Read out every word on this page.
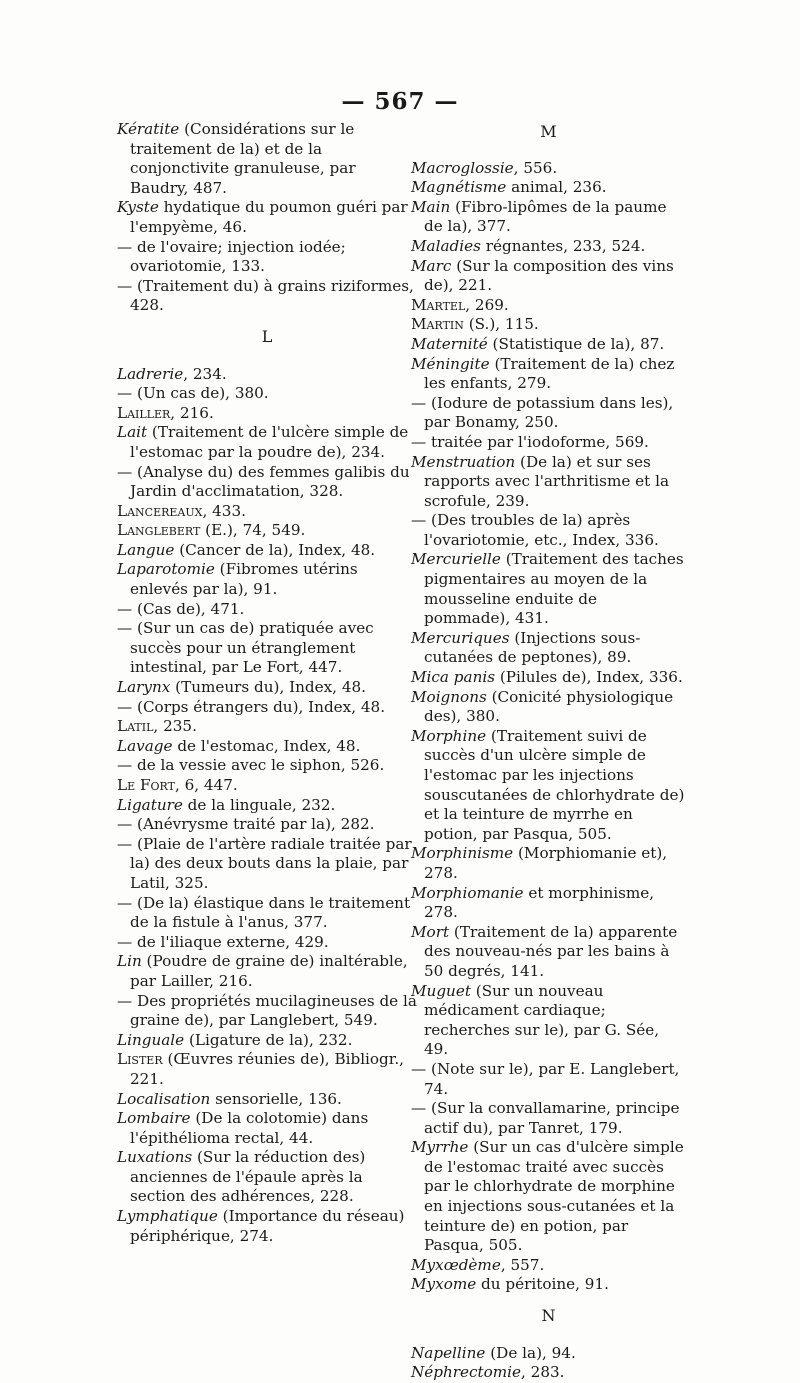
— 567 —

Kératite (Considérations sur le traitement de la) et de la conjonctivite granuleuse, par Baudry, 487.

Kyste hydatique du poumon guéri par l'empyème, 46.

— de l'ovaire; injection iodée; ovariotomie, 133.

— (Traitement du) à grains riziformes, 428.

L

Ladrerie, 234.

— (Un cas de), 380.

Lailler, 216.

Lait (Traitement de l'ulcère simple de l'estomac par la poudre de), 234.

— (Analyse du) des femmes galibis du Jardin d'acclimatation, 328.

Lancereaux, 433.

Langlebert (E.), 74, 549.

Langue (Cancer de la), Index, 48.

Laparotomie (Fibromes utérins enlevés par la), 91.

— (Cas de), 471.

— (Sur un cas de) pratiquée avec succès pour un étranglement intestinal, par Le Fort, 447.

Larynx (Tumeurs du), Index, 48.

— (Corps étrangers du), Index, 48.

Latil, 235.

Lavage de l'estomac, Index, 48.

— de la vessie avec le siphon, 526.

Le Fort, 6, 447.

Ligature de la linguale, 232.

— (Anévrysme traité par la), 282.

— (Plaie de l'artère radiale traitée par la) des deux bouts dans la plaie, par Latil, 325.

— (De la) élastique dans le traitement de la fistule à l'anus, 377.

— de l'iliaque externe, 429.

Lin (Poudre de graine de) inaltérable, par Lailler, 216.

— Des propriétés mucilagineuses de la graine de), par Langlebert, 549.

Linguale (Ligature de la), 232.

Lister (Œuvres réunies de), Bibliogr., 221.

Localisation sensorielle, 136.

Lombaire (De la colotomie) dans l'épithélioma rectal, 44.

Luxations (Sur la réduction des) anciennes de l'épaule après la section des adhérences, 228.

Lymphatique (Importance du réseau) périphérique, 274.

M

Macroglossie, 556.

Magnétisme animal, 236.

Main (Fibro-lipômes de la paume de la), 377.

Maladies régnantes, 233, 524.

Marc (Sur la composition des vins de), 221.

Martel, 269.

Martin (S.), 115.

Maternité (Statistique de la), 87.

Méningite (Traitement de la) chez les enfants, 279.

— (Iodure de potassium dans les), par Bonamy, 250.

— traitée par l'iodoforme, 569.

Menstruation (De la) et sur ses rapports avec l'arthritisme et la scrofule, 239.

— (Des troubles de la) après l'ovariotomie, etc., Index, 336.

Mercurielle (Traitement des taches pigmentaires au moyen de la mousseline enduite de pommade), 431.

Mercuriques (Injections sous-cutanées de peptones), 89.

Mica panis (Pilules de), Index, 336.

Moignons (Conicité physiologique des), 380.

Morphine (Traitement suivi de succès d'un ulcère simple de l'estomac par les injections souscutanées de chlorhydrate de) et la teinture de myrrhe en potion, par Pasqua, 505.

Morphinisme (Morphiomanie et), 278.

Morphiomanie et morphinisme, 278.

Mort (Traitement de la) apparente des nouveau-nés par les bains à 50 degrés, 141.

Muguet (Sur un nouveau médicament cardiaque; recherches sur le), par G. Sée, 49.

— (Note sur le), par E. Langlebert, 74.

— (Sur la convallamarine, principe actif du), par Tanret, 179.

Myrrhe (Sur un cas d'ulcère simple de l'estomac traité avec succès par le chlorhydrate de morphine en injections sous-cutanées et la teinture de) en potion, par Pasqua, 505.

Myxœdème, 557.

Myxome du péritoine, 91.

N

Napelline (De la), 94.

Néphrectomie, 283.
